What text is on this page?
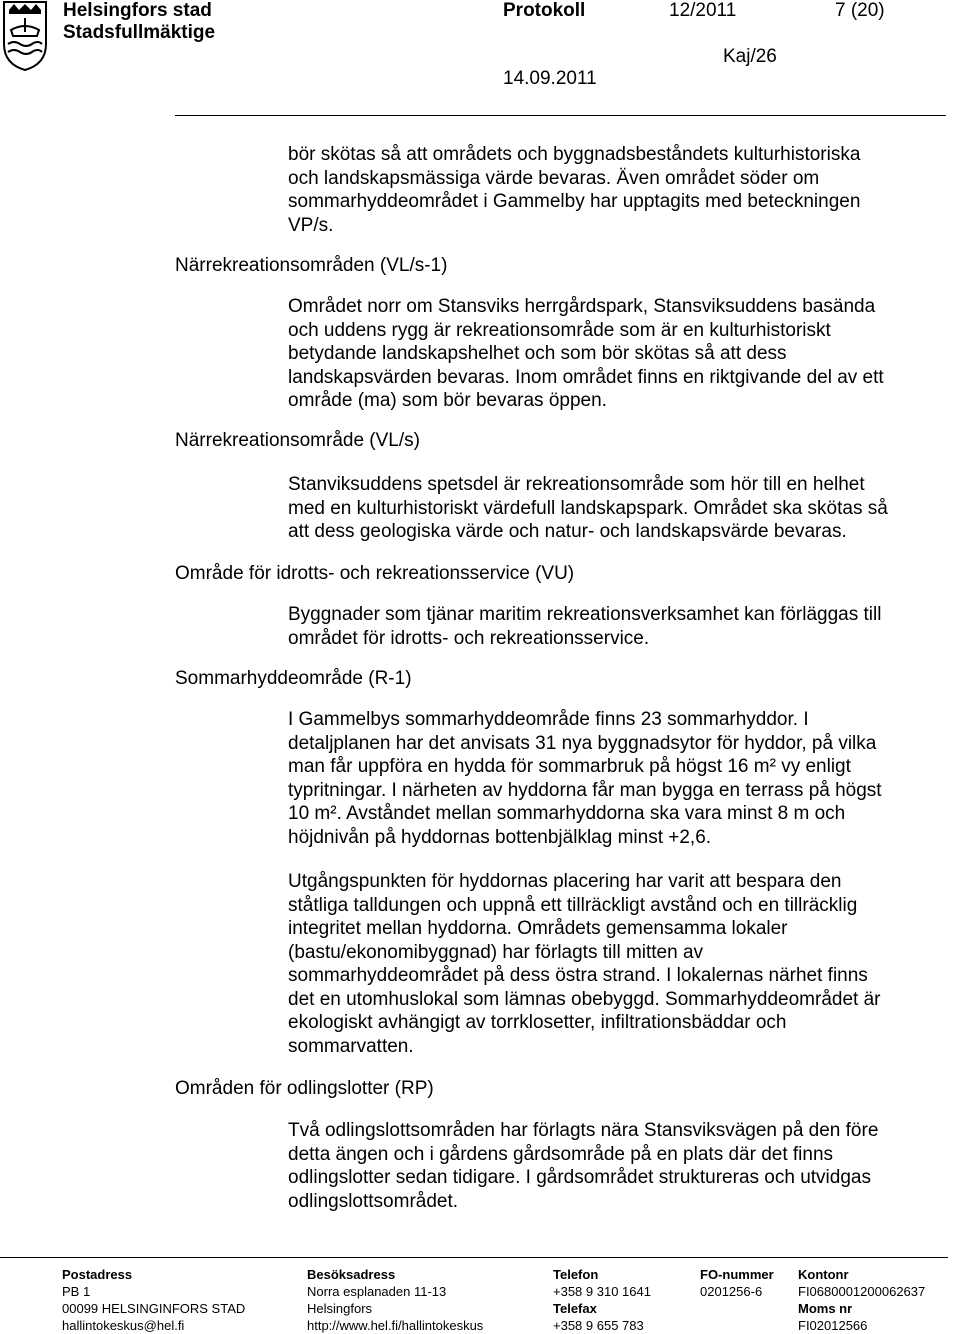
Helsingfors stad
Stadsfullmäktige
Protokoll	12/2011	7 (20)
Kaj/26
14.09.2011
bör skötas så att områdets och byggnadsbeståndets kulturhistoriska
och landskapsmässiga värde bevaras. Även området söder om
sommarhyddeområdet i Gammelby har upptagits med beteckningen
VP/s.
Närrekreationsområden (VL/s-1)
Området norr om Stansviks herrgårdspark, Stansviksuddens basända
och uddens rygg är rekreationsområde som är en kulturhistoriskt
betydande landskapshelhet och som bör skötas så att dess
landskapsvärden bevaras. Inom området finns en riktgivande del av ett
område (ma) som bör bevaras öppen.
Närrekreationsområde (VL/s)
Stanviksuddens spetsdel är rekreationsområde som hör till en helhet
med en kulturhistoriskt värdefull landskapspark. Området ska skötas så
att dess geologiska värde och natur- och landskapsvärde bevaras.
Område för idrotts- och rekreationsservice (VU)
Byggnader som tjänar maritim rekreationsverksamhet kan förläggas till
området för idrotts- och rekreationsservice.
Sommarhyddeområde (R-1)
I Gammelbys sommarhyddeområde finns 23 sommarhyddor. I
detaljplanen har det anvisats 31 nya byggnadsytor för hyddor, på vilka
man får uppföra en hydda för sommarbruk på högst 16 m² vy enligt
typritningar. I närheten av hyddorna får man bygga en terrass på högst
10 m². Avståndet mellan sommarhyddorna ska vara minst 8 m och
höjdnivån på hyddornas bottenbjälklag minst +2,6.
Utgångspunkten för hyddornas placering har varit att bespara den
ståtliga talldungen och uppnå ett tillräckligt avstånd och en tillräcklig
integritet mellan hyddorna. Områdets gemensamma lokaler
(bastu/ekonomibyggnad) har förlagts till mitten av
sommarhyddeområdet på dess östra strand. I lokalernas närhet finns
det en utomhuslokal som lämnas obebyggd. Sommarhyddeområdet är
ekologiskt avhängigt av torrklosetter, infiltrationsbäddar och
sommarvatten.
Områden för odlingslotter (RP)
Två odlingslottsområden har förlagts nära Stansviksvägen på den före
detta ängen och i gårdens gårdsområde på en plats där det finns
odlingslotter sedan tidigare. I gårdsområdet struktureras och utvidgas
odlingslottsområdet.
Postadress
PB 1
00099 HELSINGINFORS STAD
hallintokeskus@hel.fi
Besöksadress
Norra esplanaden 11-13
Helsingfors
http://www.hel.fi/hallintokeskus
Telefon
+358 9 310 1641
Telefax
+358 9 655 783
FO-nummer
0201256-6
Kontonr
FI0680001200062637
Moms nr
FI02012566
